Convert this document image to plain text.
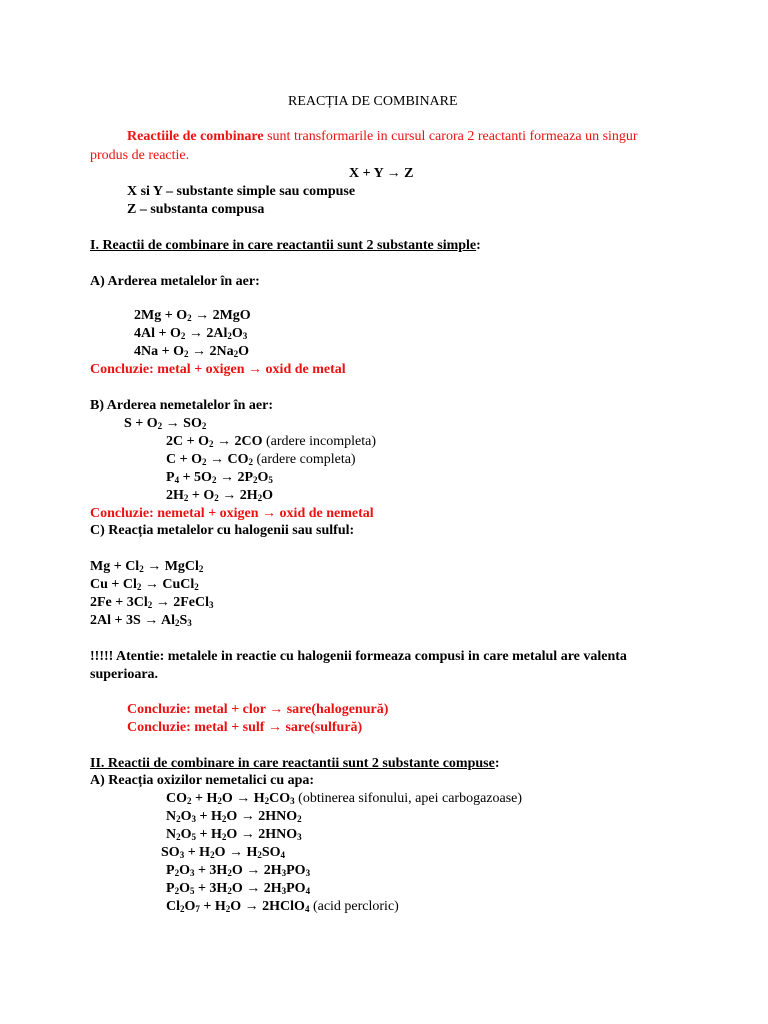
REACȚIA DE COMBINARE
Reactiile de combinare sunt transformarile in cursul carora 2 reactanti formeaza un singur
produs de reactie.
X + Y → Z
X si Y – substante simple sau compuse
Z – substanta compusa
I. Reactii de combinare in care reactantii sunt 2 substante simple:
A) Arderea metalelor în aer:
$2Mg + O_2 \to 2MgO$
$4Al + O_2 \to 2Al_2O_3$
$4Na + O_2 \to 2Na_2O$
Concluzie: metal + oxigen → oxid de metal
B) Arderea nemetalelor în aer:
$S + O_2 \to SO_2$
$2C + O_2 \to 2CO$ (ardere incompleta)
$C + O_2 \to CO_2$ (ardere completa)
$P_4 + 5O_2 \to 2P_2O_5$
$2H_2 + O_2 \to 2H_2O$
Concluzie: nemetal + oxigen → oxid de nemetal
C) Reacția metalelor cu halogenii sau sulful:
$Mg + Cl_2$ → MgCl$_2$
$Cu + Cl_2$ → CuCl$_2$
$2Fe + 3Cl_2$ → 2FeCl$_3$
$2Al + 3S \to Al_2S_3$
!!!!! Atentie: metalele in reactie cu halogenii formeaza compusi in care metalul are valenta
superioara.
Concluzie: metal + clor → sare(halogenură)
Concluzie: metal + sulf → sare(sulfură)
II. Reactii de combinare in care reactantii sunt 2 substante compuse:
A) Reacția oxizilor nemetalici cu apa:
$CO_2 + H_2O \to H_2CO_3$ (obtinerea sifonului, apei carbogazoase)
$N_2O_3 + H_2O \to 2HNO_2$
$N_2O_5 + H_2O \to 2HNO_3$
$SO_3 + H_2O \to H_2SO_4$
$P_2O_3 + 3H_2O \to 2H_3PO_3$
$P_2O_5 + 3H_2O \to 2H_3PO_4$
$Cl_2O_7 + H_2O$ → 2HClO$_4$ (acid percloric)
